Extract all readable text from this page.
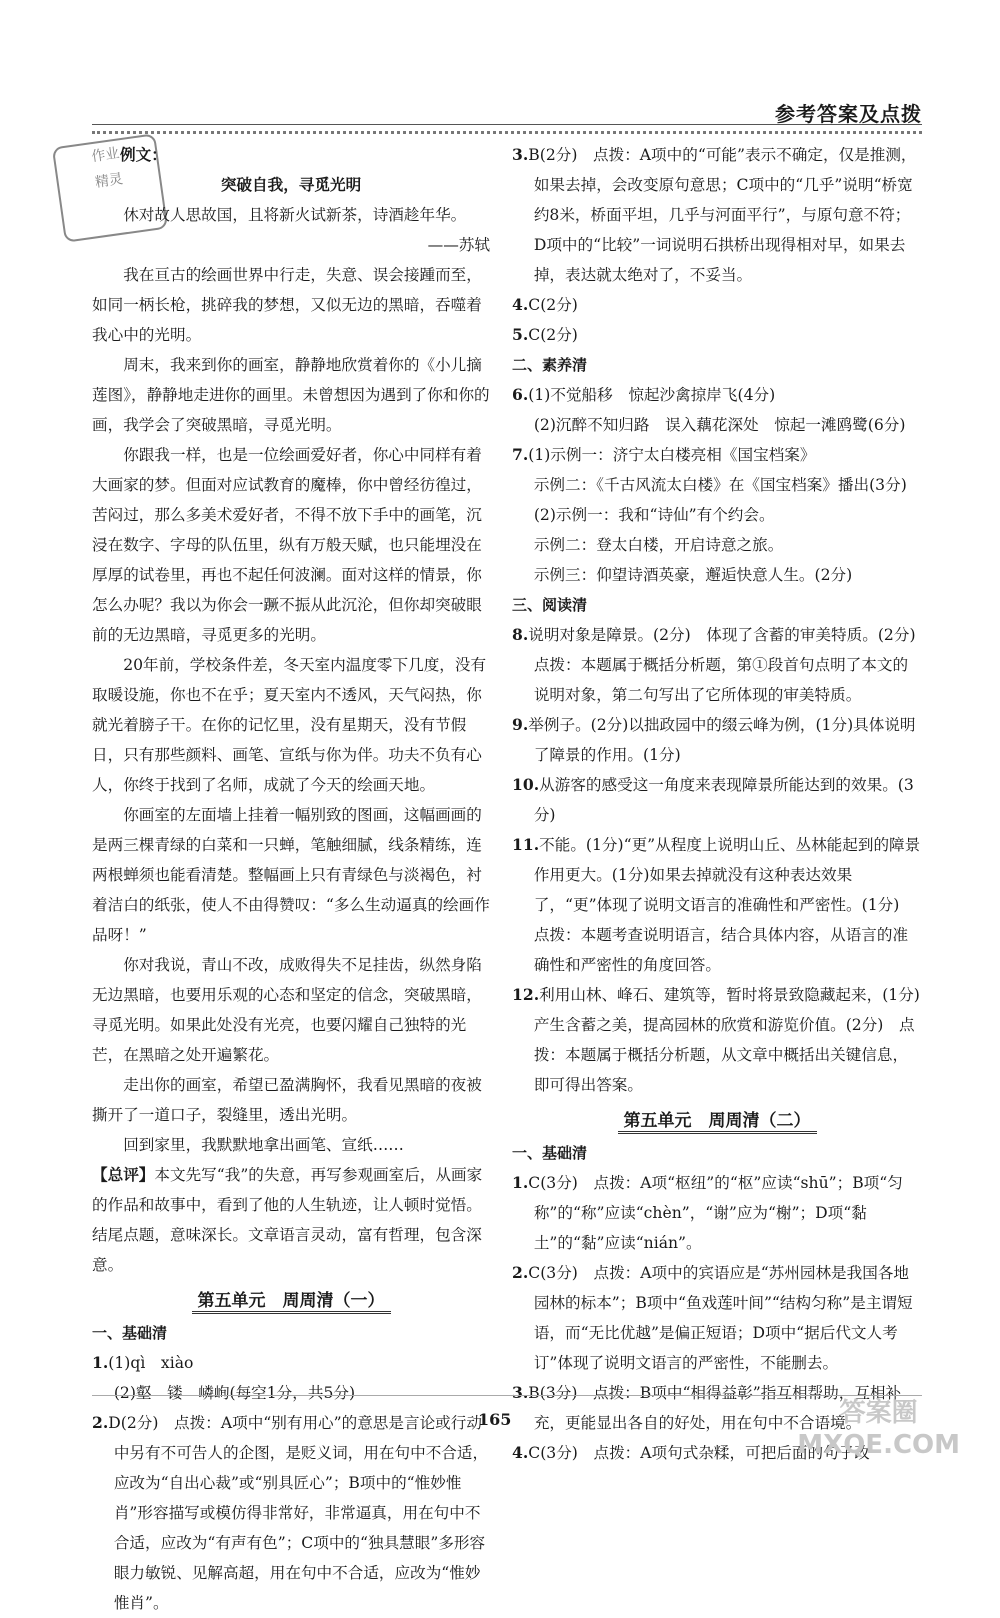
参考答案及点拨
作业
精灵

例文：

突破自我，寻觅光明

休对故人思故国，且将新火试新茶，诗酒趁年华。

——苏轼

我在亘古的绘画世界中行走，失意、误会接踵而至，如同一柄长枪，挑碎我的梦想，又似无边的黑暗，吞噬着我心中的光明。

周末，我来到你的画室，静静地欣赏着你的《小儿摘莲图》，静静地走进你的画里。未曾想因为遇到了你和你的画，我学会了突破黑暗，寻觅光明。

你跟我一样，也是一位绘画爱好者，你心中同样有着大画家的梦。但面对应试教育的魔棒，你中曾经彷徨过，苦闷过，那么多美术爱好者，不得不放下手中的画笔，沉浸在数字、字母的队伍里，纵有万般天赋，也只能埋没在厚厚的试卷里，再也不起任何波澜。面对这样的情景，你怎么办呢？我以为你会一蹶不振从此沉沦，但你却突破眼前的无边黑暗，寻觅更多的光明。

20年前，学校条件差，冬天室内温度零下几度，没有取暖设施，你也不在乎；夏天室内不透风，天气闷热，你就光着膀子干。在你的记忆里，没有星期天，没有节假日，只有那些颜料、画笔、宣纸与你为伴。功夫不负有心人，你终于找到了名师，成就了今天的绘画天地。

你画室的左面墙上挂着一幅别致的图画，这幅画画的是两三棵青绿的白菜和一只蝉，笔触细腻，线条精练，连两根蝉须也能看清楚。整幅画上只有青绿色与淡褐色，衬着洁白的纸张，使人不由得赞叹：“多么生动逼真的绘画作品呀！”

你对我说，青山不改，成败得失不足挂齿，纵然身陷无边黑暗，也要用乐观的心态和坚定的信念，突破黑暗，寻觅光明。如果此处没有光亮，也要闪耀自己独特的光芒，在黑暗之处开遍繁花。

走出你的画室，希望已盈满胸怀，我看见黑暗的夜被撕开了一道口子，裂缝里，透出光明。

回到家里，我默默地拿出画笔、宣纸……

【总评】本文先写“我”的失意，再写参观画室后，从画家的作品和故事中，看到了他的人生轨迹，让人顿时觉悟。结尾点题，意味深长。文章语言灵动，富有哲理，包含深意。

第五单元　周周清（一）

一、基础清

1.(1)qì　xiào

(2)壑　镂　嶙峋(每空1分，共5分)

2.D(2分)　点拨：A项中“别有用心”的意思是言论或行动中另有不可告人的企图，是贬义词，用在句中不合适，应改为“自出心裁”或“别具匠心”；B项中的“惟妙惟肖”形容描写或模仿得非常好，非常逼真，用在句中不合适，应改为“有声有色”；C项中的“独具慧眼”多形容眼力敏锐、见解高超，用在句中不合适，应改为“惟妙惟肖”。

3.B(2分)　点拨：A项中的“可能”表示不确定，仅是推测，如果去掉，会改变原句意思；C项中的“几乎”说明“桥宽约8米，桥面平坦，几乎与河面平行”，与原句意不符；D项中的“比较”一词说明石拱桥出现得相对早，如果去掉，表达就太绝对了，不妥当。

4.C(2分)

5.C(2分)

二、素养清

6.(1)不觉船移　惊起沙禽掠岸飞(4分)

(2)沉醉不知归路　误入藕花深处　惊起一滩鸥鹭(6分)

7.(1)示例一：济宁太白楼亮相《国宝档案》

示例二：《千古风流太白楼》在《国宝档案》播出(3分)

(2)示例一：我和“诗仙”有个约会。

示例二：登太白楼，开启诗意之旅。

示例三：仰望诗酒英豪，邂逅快意人生。(2分)

三、阅读清

8.说明对象是障景。(2分)　体现了含蓄的审美特质。(2分)　点拨：本题属于概括分析题，第①段首句点明了本文的说明对象，第二句写出了它所体现的审美特质。

9.举例子。(2分)以拙政园中的缀云峰为例，(1分)具体说明了障景的作用。(1分)

10.从游客的感受这一角度来表现障景所能达到的效果。(3分)

11.不能。(1分)“更”从程度上说明山丘、丛林能起到的障景作用更大。(1分)如果去掉就没有这种表达效果了，“更”体现了说明文语言的准确性和严密性。(1分)　点拨：本题考查说明语言，结合具体内容，从语言的准确性和严密性的角度回答。

12.利用山林、峰石、建筑等，暂时将景致隐藏起来，(1分)产生含蓄之美，提高园林的欣赏和游览价值。(2分)　点拨：本题属于概括分析题，从文章中概括出关键信息，即可得出答案。

第五单元　周周清（二）

一、基础清

1.C(3分)　点拨：A项“枢纽”的“枢”应读“shū”；B项“匀称”的“称”应读“chèn”，“谢”应为“榭”；D项“黏土”的“黏”应读“nián”。

2.C(3分)　点拨：A项中的宾语应是“苏州园林是我国各地园林的标本”；B项中“鱼戏莲叶间”“结构匀称”是主谓短语，而“无比优越”是偏正短语；D项中“据后代文人考订”体现了说明文语言的严密性，不能删去。

3.B(3分)　点拨：B项中“相得益彰”指互相帮助，互相补充，更能显出各自的好处，用在句中不合语境。

4.C(3分)　点拨：A项句式杂糅，可把后面的句子改

165	答案圈
MXQE.COM
